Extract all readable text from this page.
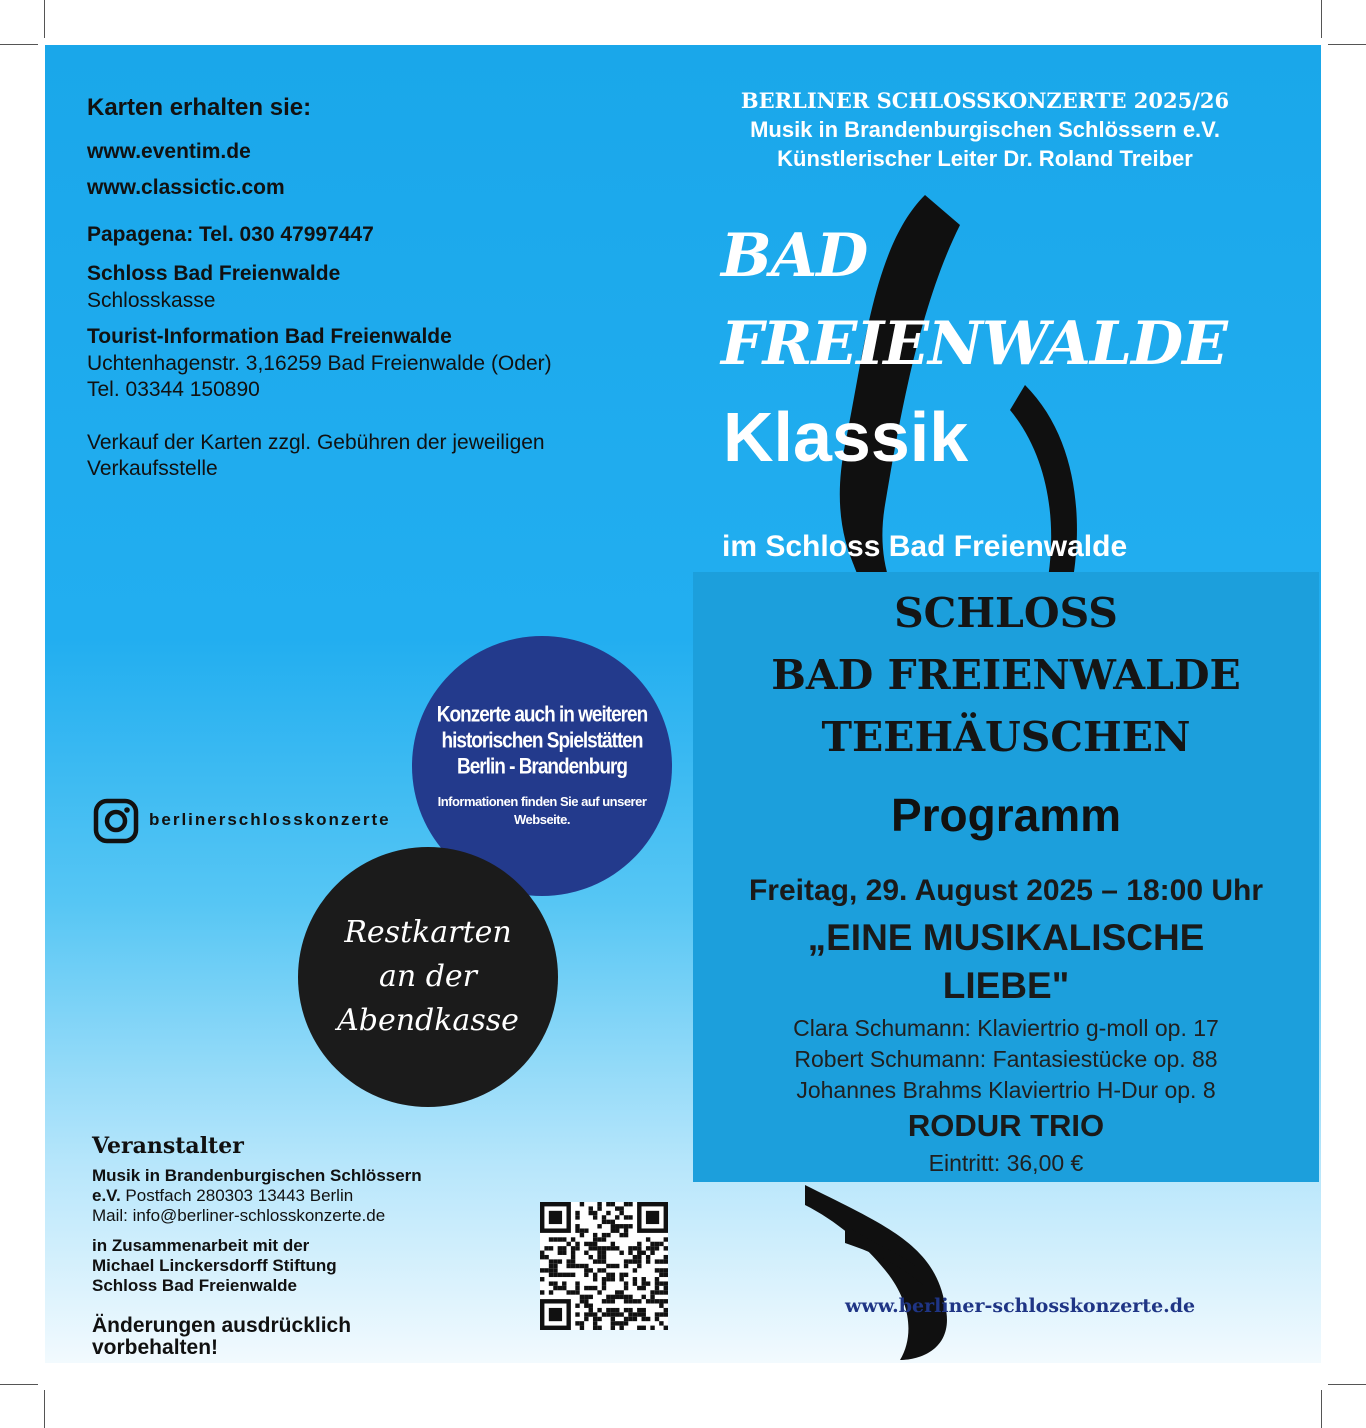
Karten erhalten sie:
www.eventim.de
www.classictic.com
Papagena: Tel. 030 47997447
Schloss Bad Freienwalde
Schlosskasse
Tourist-Information Bad Freienwalde
Uchtenhagenstr. 3,16259 Bad Freienwalde (Oder)
Tel. 03344 150890
Verkauf der Karten zzgl. Gebühren der jeweiligen
Verkaufsstelle
BERLINER SCHLOSSKONZERTE 2025/26
Musik in Brandenburgischen Schlössern e.V.
Künstlerischer Leiter Dr. Roland Treiber
BAD
FREIENWALDE
Klassik
im Schloss Bad Freienwalde
SCHLOSS
BAD FREIENWALDE
TEEHÄUSCHEN
Programm
Freitag, 29. August 2025 – 18:00 Uhr
„EINE MUSIKALISCHE
LIEBE"
Clara Schumann: Klaviertrio g-moll op. 17
Robert Schumann: Fantasiestücke op. 88
Johannes Brahms Klaviertrio H-Dur op. 8
RODUR TRIO
Eintritt: 36,00 €
Konzerte auch in weiteren
historischen Spielstätten
Berlin - Brandenburg
Informationen finden Sie auf unserer
Webseite.
berlinerschlosskonzerte
Restkarten
an der
Abendkasse
Veranstalter
Musik in Brandenburgischen Schlössern
e.V. Postfach 280303 13443 Berlin
Mail: info@berliner-schlosskonzerte.de
in Zusammenarbeit mit der
Michael Linckersdorff Stiftung
Schloss Bad Freienwalde
Änderungen ausdrücklich
vorbehalten!
www.berliner-schlosskonzerte.de
